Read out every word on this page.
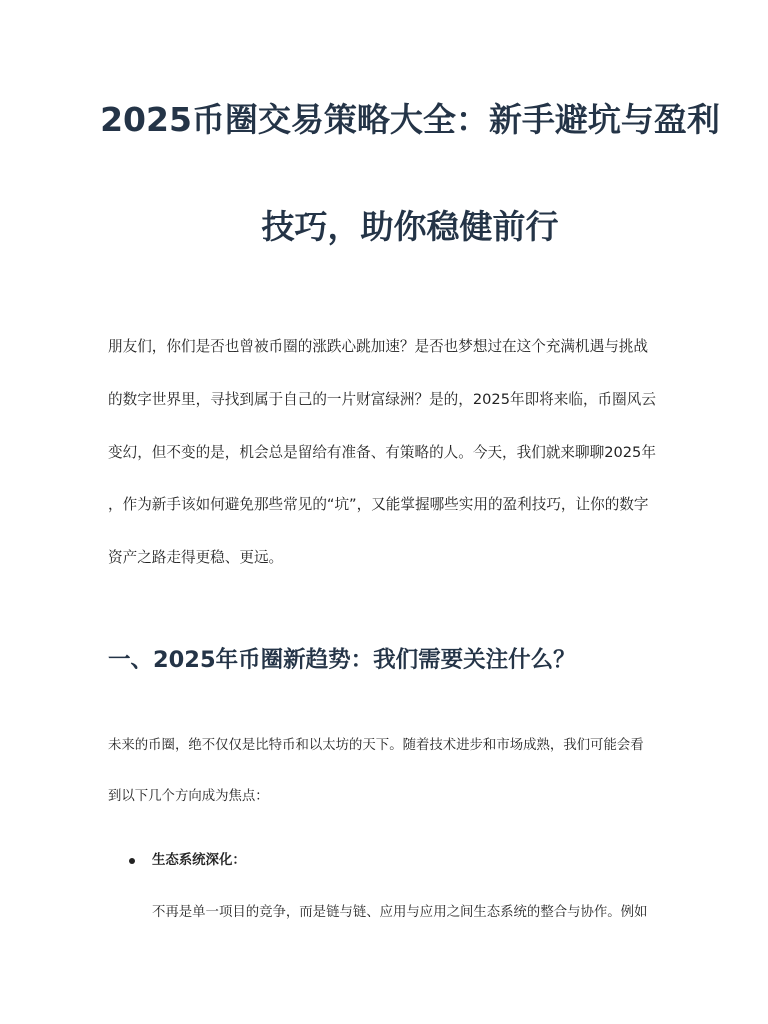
2025币圈交易策略大全：新手避坑与盈利
技巧，助你稳健前行
朋友们，你们是否也曾被币圈的涨跌心跳加速？是否也梦想过在这个充满机遇与挑战
的数字世界里，寻找到属于自己的一片财富绿洲？是的，2025年即将来临，币圈风云
变幻，但不变的是，机会总是留给有准备、有策略的人。今天，我们就来聊聊2025年
，作为新手该如何避免那些常见的“坑”，又能掌握哪些实用的盈利技巧，让你的数字
资产之路走得更稳、更远。
一、2025年币圈新趋势：我们需要关注什么？
未来的币圈，绝不仅仅是比特币和以太坊的天下。随着技术进步和市场成熟，我们可能会看
到以下几个方向成为焦点：
生态系统深化：
不再是单一项目的竞争，而是链与链、应用与应用之间生态系统的整合与协作。例如
